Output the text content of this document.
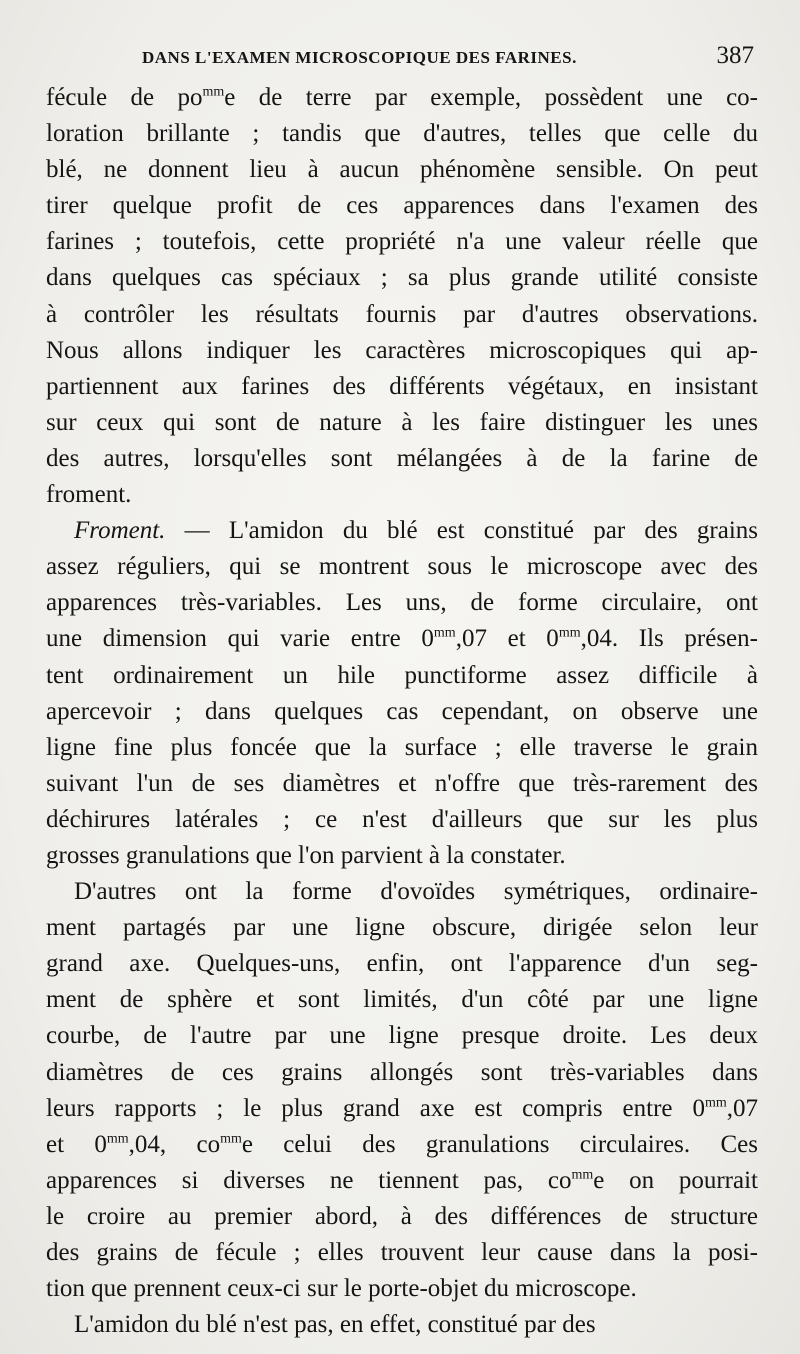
DANS L'EXAMEN MICROSCOPIQUE DES FARINES.	387
fécule de $po^{mm}e$ de terre par exemple, possèdent une co-
loration brillante ; tandis que d'autres, telles que celle du
blé, ne donnent lieu à aucun phénomène sensible. On peut
tirer quelque profit de ces apparences dans l'examen des
farines ; toutefois, cette propriété n'a une valeur réelle que
dans quelques cas spéciaux ; sa plus grande utilité consiste
à contrôler les résultats fournis par d'autres observations.
Nous allons indiquer les caractères microscopiques qui ap-
partiennent aux farines des différents végétaux, en insistant
sur ceux qui sont de nature à les faire distinguer les unes
des autres, lorsqu'elles sont mélangées à de la farine de
froment.
Froment. — L'amidon du blé est constitué par des grains
assez réguliers, qui se montrent sous le microscope avec des
apparences très-variables. Les uns, de forme circulaire, ont
une dimension qui varie entre $0^{mm},07$ et $0^{mm},04$. Ils présen-
tent ordinairement un hile punctiforme assez difficile à
apercevoir ; dans quelques cas cependant, on observe une
ligne fine plus foncée que la surface ; elle traverse le grain
suivant l'un de ses diamètres et n'offre que très-rarement des
déchirures latérales ; ce n'est d'ailleurs que sur les plus
grosses granulations que l'on parvient à la constater.
D'autres ont la forme d'ovoïdes symétriques, ordinaire-
ment partagés par une ligne obscure, dirigée selon leur
grand axe. Quelques-uns, enfin, ont l'apparence d'un seg-
ment de sphère et sont limités, d'un côté par une ligne
courbe, de l'autre par une ligne presque droite. Les deux
diamètres de ces grains allongés sont très-variables dans
leurs rapports ; le plus grand axe est compris entre $0^{mm},07$
et $0^{mm},04$, $co^{mm}e$ celui des granulations circulaires. Ces
apparences si diverses ne tiennent pas, $co^{mm}e$ on pourrait
le croire au premier abord, à des différences de structure
des grains de fécule ; elles trouvent leur cause dans la posi-
tion que prennent ceux-ci sur le porte-objet du microscope.
L'amidon du blé n'est pas, en effet, constitué par des
